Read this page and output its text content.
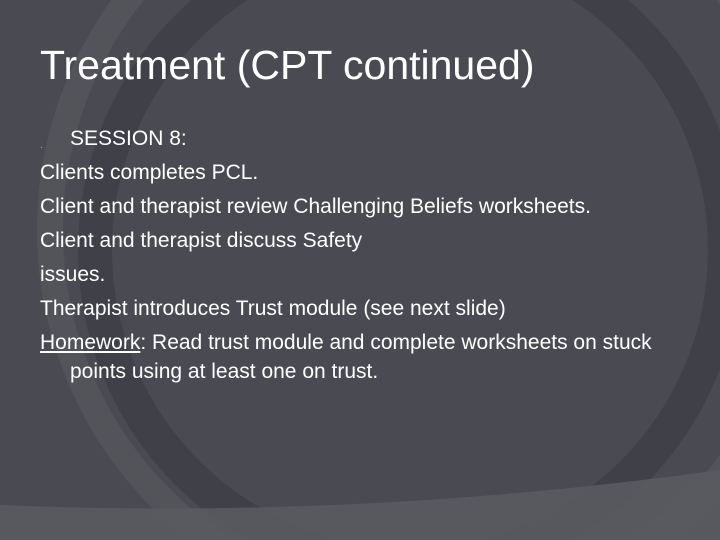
Treatment (CPT continued)
· SESSION 8:
Clients completes PCL.
Client and therapist review Challenging Beliefs worksheets.
Client and therapist discuss Safety
issues.
Therapist introduces Trust module (see next slide)
Homework: Read trust module and complete worksheets on stuck points using at least one on trust.
